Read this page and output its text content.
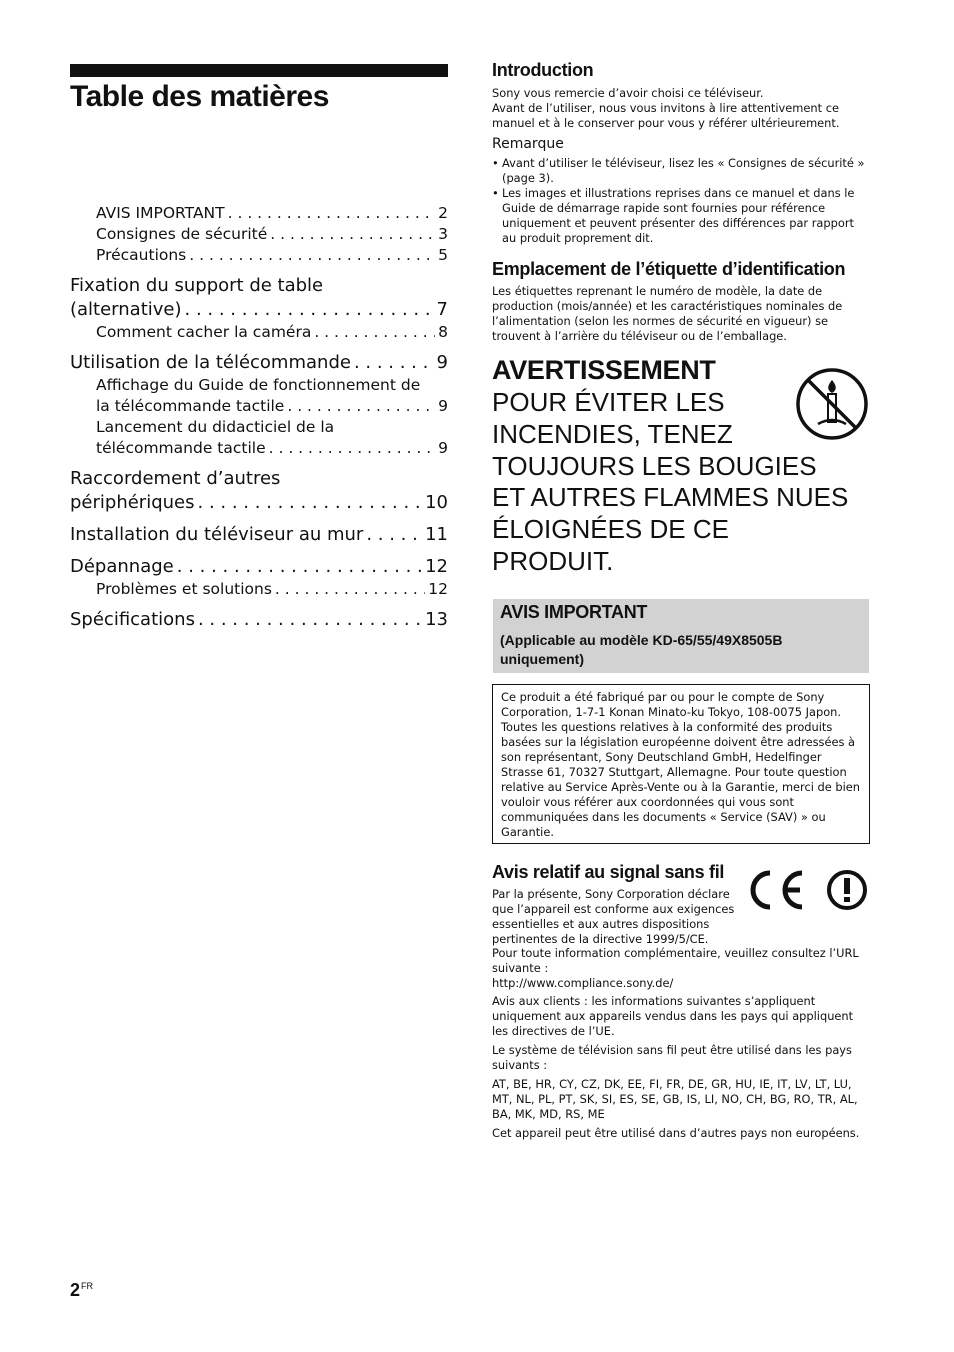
Table des matières
AVIS IMPORTANT . . .	2
Consignes de sécurité . . .	3
Précautions . . .	5
Fixation du support de table
(alternative) . . .	7
Comment cacher la caméra . . .	8
Utilisation de la télécommande . . .	9
Affichage du Guide de fonctionnement de
la télécommande tactile . . .	9
Lancement du didacticiel de la
télécommande tactile . . .	9
Raccordement d’autres
périphériques . . .	10
Installation du téléviseur au mur . . .	11
Dépannage . . .	12
Problèmes et solutions . . .	12
Spécifications . . .	13
Introduction
Sony vous remercie d’avoir choisi ce téléviseur.
Avant de l’utiliser, nous vous invitons à lire attentivement ce manuel et à le conserver pour vous y référer ultérieurement.
Remarque
• Avant d’utiliser le téléviseur, lisez les « Consignes de sécurité » (page 3).
• Les images et illustrations reprises dans ce manuel et dans le Guide de démarrage rapide sont fournies pour référence uniquement et peuvent présenter des différences par rapport au produit proprement dit.
Emplacement de l’étiquette d’identification
Les étiquettes reprenant le numéro de modèle, la date de production (mois/année) et les caractéristiques nominales de l’alimentation (selon les normes de sécurité en vigueur) se trouvent à l’arrière du téléviseur ou de l’emballage.
AVERTISSEMENT
POUR ÉVITER LES INCENDIES, TENEZ TOUJOURS LES BOUGIES ET AUTRES FLAMMES NUES ÉLOIGNÉES DE CE PRODUIT.
AVIS IMPORTANT
(Applicable au modèle KD-65/55/49X8505B uniquement)
Ce produit a été fabriqué par ou pour le compte de Sony Corporation, 1-7-1 Konan Minato-ku Tokyo, 108-0075 Japon. Toutes les questions relatives à la conformité des produits basées sur la législation européenne doivent être adressées à son représentant, Sony Deutschland GmbH, Hedelfinger Strasse 61, 70327 Stuttgart, Allemagne. Pour toute question relative au Service Après-Vente ou à la Garantie, merci de bien vouloir vous référer aux coordonnées qui vous sont communiquées dans les documents « Service (SAV) » ou Garantie.
Avis relatif au signal sans fil
Par la présente, Sony Corporation déclare que l’appareil est conforme aux exigences essentielles et aux autres dispositions pertinentes de la directive 1999/5/CE.
Pour toute information complémentaire, veuillez consultez l’URL suivante :
http://www.compliance.sony.de/
Avis aux clients : les informations suivantes s’appliquent uniquement aux appareils vendus dans les pays qui appliquent les directives de l’UE.
Le système de télévision sans fil peut être utilisé dans les pays suivants :
AT, BE, HR, CY, CZ, DK, EE, FI, FR, DE, GR, HU, IE, IT, LV, LT, LU, MT, NL, PL, PT, SK, SI, ES, SE, GB, IS, LI, NO, CH, BG, RO, TR, AL, BA, MK, MD, RS, ME
Cet appareil peut être utilisé dans d’autres pays non européens.
$2^{FR}$
